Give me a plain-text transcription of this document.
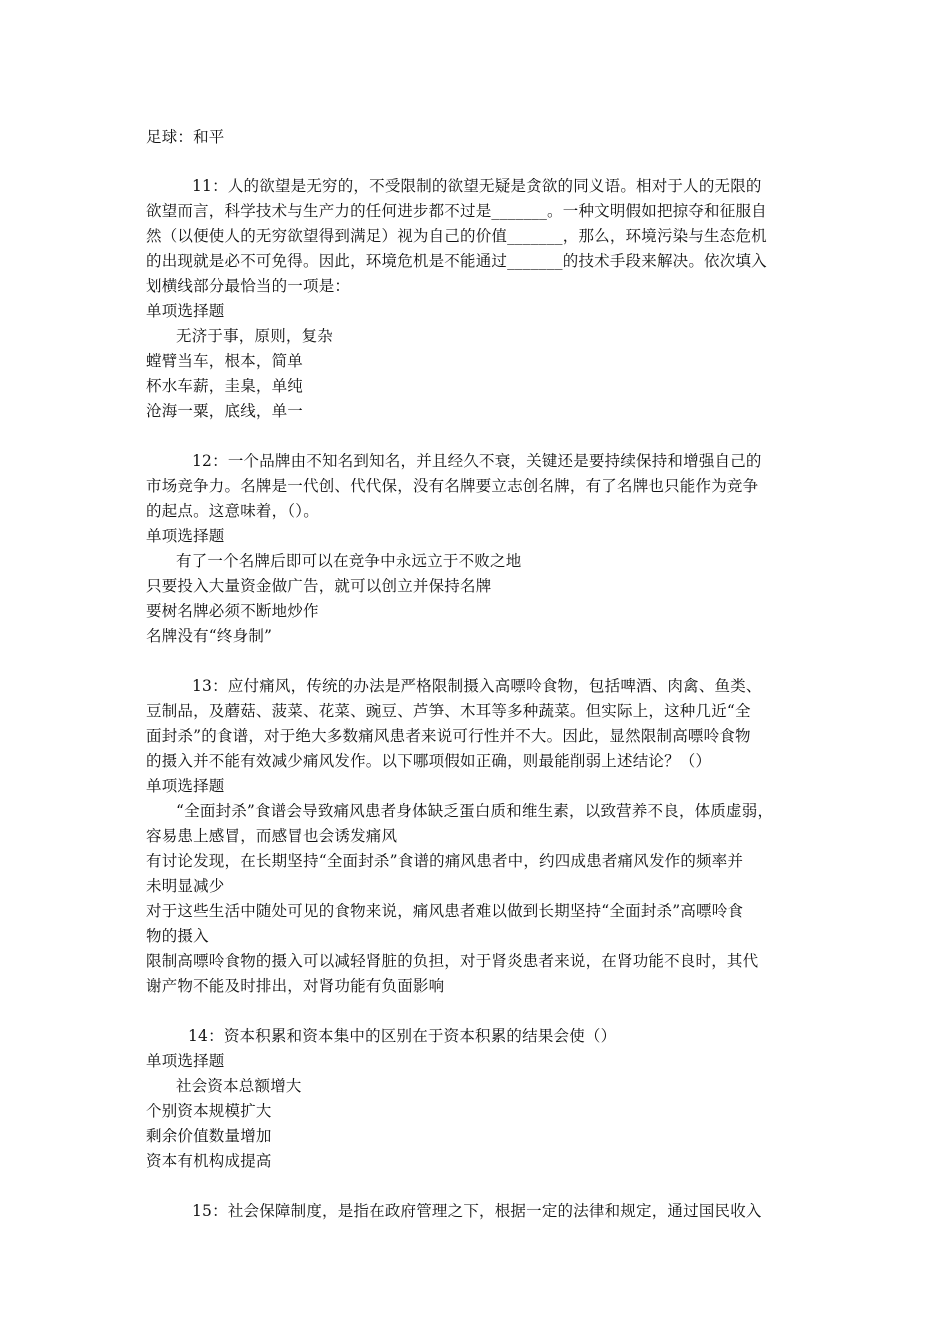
足球：和平
11：人的欲望是无穷的，不受限制的欲望无疑是贪欲的同义语。相对于人的无限的
欲望而言，科学技术与生产力的任何进步都不过是_______。一种文明假如把掠夺和征服自
然（以便使人的无穷欲望得到满足）视为自己的价值_______，那么，环境污染与生态危机
的出现就是必不可免得。因此，环境危机是不能通过_______的技术手段来解决。依次填入
划横线部分最恰当的一项是：
单项选择题
无济于事，原则，复杂
螳臂当车，根本，简单
杯水车薪，圭臬，单纯
沧海一粟，底线，单一
12：一个品牌由不知名到知名，并且经久不衰，关键还是要持续保持和增强自己的
市场竞争力。名牌是一代创、代代保，没有名牌要立志创名牌，有了名牌也只能作为竞争
的起点。这意味着，（）。
单项选择题
有了一个名牌后即可以在竞争中永远立于不败之地
只要投入大量资金做广告，就可以创立并保持名牌
要树名牌必须不断地炒作
名牌没有“终身制”
13：应付痛风，传统的办法是严格限制摄入高嘌呤食物，包括啤酒、肉禽、鱼类、
豆制品，及蘑菇、菠菜、花菜、豌豆、芦笋、木耳等多种蔬菜。但实际上，这种几近“全
面封杀”的食谱，对于绝大多数痛风患者来说可行性并不大。因此，显然限制高嘌呤食物
的摄入并不能有效减少痛风发作。以下哪项假如正确，则最能削弱上述结论？（）
单项选择题
“全面封杀”食谱会导致痛风患者身体缺乏蛋白质和维生素，以致营养不良，体质虚弱，
容易患上感冒，而感冒也会诱发痛风
有讨论发现，在长期坚持“全面封杀”食谱的痛风患者中，约四成患者痛风发作的频率并
未明显减少
对于这些生活中随处可见的食物来说，痛风患者难以做到长期坚持“全面封杀”高嘌呤食
物的摄入
限制高嘌呤食物的摄入可以减轻肾脏的负担，对于肾炎患者来说，在肾功能不良时，其代
谢产物不能及时排出，对肾功能有负面影响
14：资本积累和资本集中的区别在于资本积累的结果会使（）
单项选择题
社会资本总额增大
个别资本规模扩大
剩余价值数量增加
资本有机构成提高
15：社会保障制度，是指在政府管理之下，根据一定的法律和规定，通过国民收入
